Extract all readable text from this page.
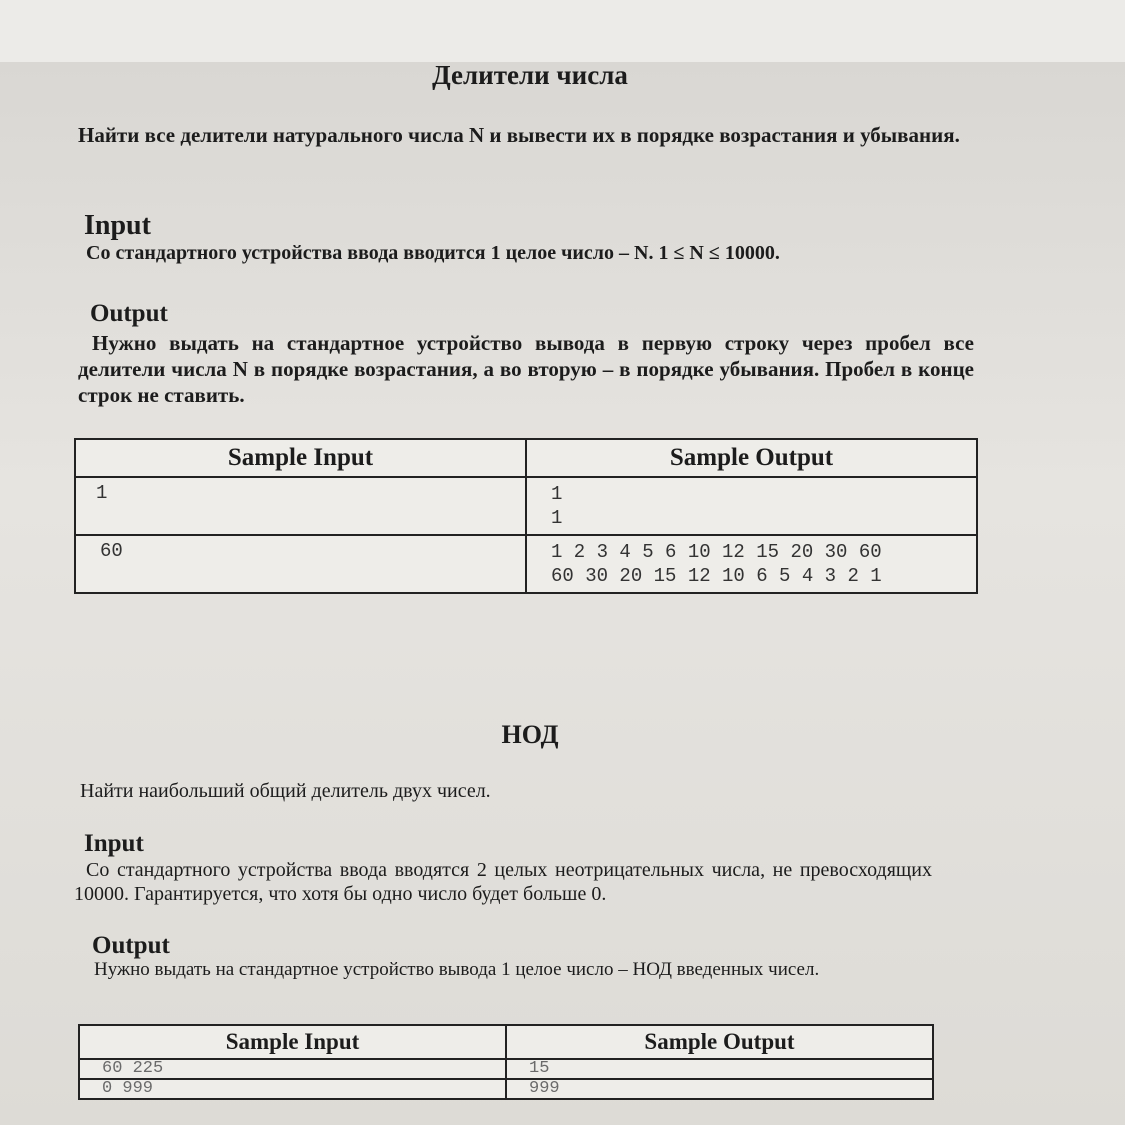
Делители числа
Найти все делители натурального числа N и вывести их в порядке возрастания и убывания.
Input
Со стандартного устройства ввода вводится 1 целое число – N. 1 ≤ N ≤ 10000.
Output
Нужно выдать на стандартное устройство вывода в первую строку через пробел все делители числа N в порядке возрастания, а во вторую – в порядке убывания. Пробел в конце строк не ставить.
Sample Input	Sample Output
1	1
1

60	1 2 3 4 5 6 10 12 15 20 30 60
60 30 20 15 12 10 6 5 4 3 2 1
НОД
Найти наибольший общий делитель двух чисел.
Input
Со стандартного устройства ввода вводятся 2 целых неотрицательных числа, не превосходящих 10000. Гарантируется, что хотя бы одно число будет больше 0.
Output
Нужно выдать на стандартное устройство вывода 1 целое число – НОД введенных чисел.
Sample Input	Sample Output
60 225	15
0 999	999
